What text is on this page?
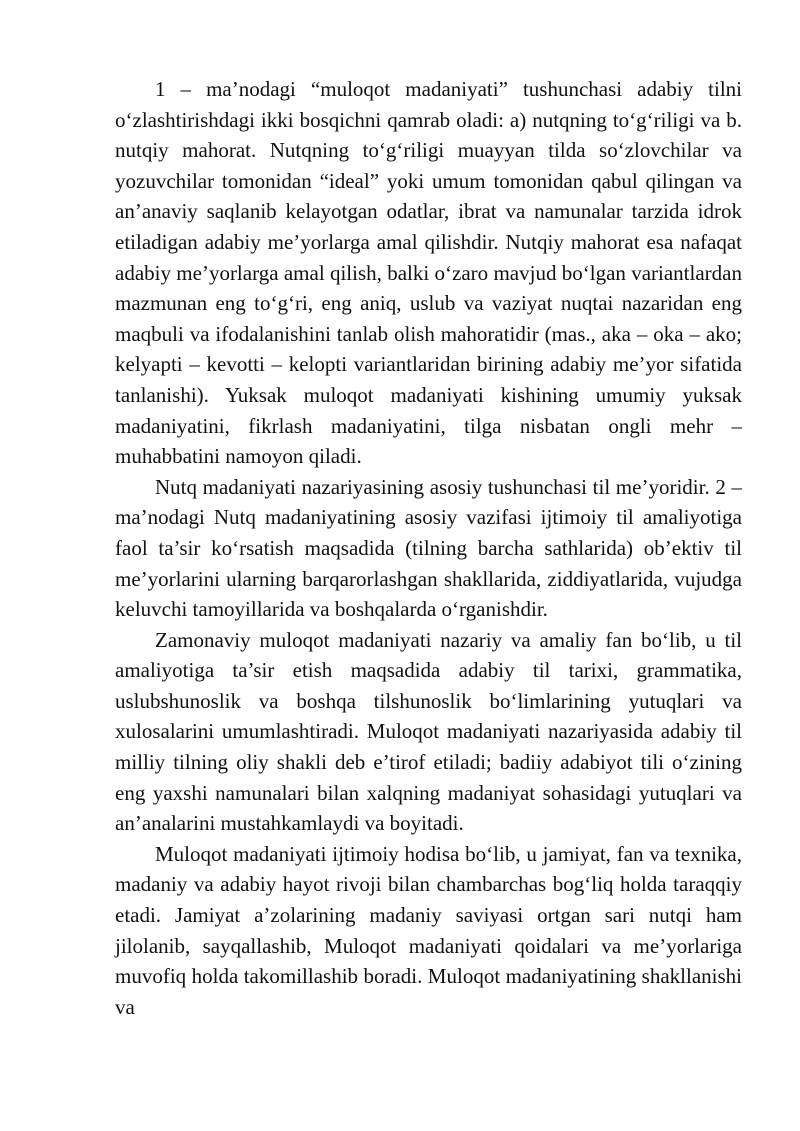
1 – ma’nodagi “muloqot madaniyati” tushunchasi adabiy tilni o‘zlashtirishdagi ikki bosqichni qamrab oladi: a) nutqning to‘g‘riligi va b. nutqiy mahorat. Nutqning to‘g‘riligi muayyan tilda so‘zlovchilar va yozuvchilar tomonidan “ideal” yoki umum tomonidan qabul qilingan va an’anaviy saqlanib kelayotgan odatlar, ibrat va namunalar tarzida idrok etiladigan adabiy me’yorlarga amal qilishdir. Nutqiy mahorat esa nafaqat adabiy me’yorlarga amal qilish, balki o‘zaro mavjud bo‘lgan variantlardan mazmunan eng to‘g‘ri, eng aniq, uslub va vaziyat nuqtai nazaridan eng maqbuli va ifodalanishini tanlab olish mahoratidir (mas., aka – oka – ako; kelyapti – kevotti – kelopti variantlaridan birining adabiy me’yor sifatida tanlanishi). Yuksak muloqot madaniyati kishining umumiy yuksak madaniyatini, fikrlash madaniyatini, tilga nisbatan ongli mehr – muhabbatini namoyon qiladi.

Nutq madaniyati nazariyasining asosiy tushunchasi til me’yoridir. 2 – ma’nodagi Nutq madaniyatining asosiy vazifasi ijtimoiy til amaliyotiga faol ta’sir ko‘rsatish maqsadida (tilning barcha sathlarida) ob’ektiv til me’yorlarini ularning barqarorlashgan shakllarida, ziddiyatlarida, vujudga keluvchi tamoyillarida va boshqalarda o‘rganishdir.

Zamonaviy muloqot madaniyati nazariy va amaliy fan bo‘lib, u til amaliyotiga ta’sir etish maqsadida adabiy til tarixi, grammatika, uslubshunoslik va boshqa tilshunoslik bo‘limlarining yutuqlari va xulosalarini umumlashtiradi. Muloqot madaniyati nazariyasida adabiy til milliy tilning oliy shakli deb e’tirof etiladi; badiiy adabiyot tili o‘zining eng yaxshi namunalari bilan xalqning madaniyat sohasidagi yutuqlari va an’analarini mustahkamlaydi va boyitadi.

Muloqot madaniyati ijtimoiy hodisa bo‘lib, u jamiyat, fan va texnika, madaniy va adabiy hayot rivoji bilan chambarchas bog‘liq holda taraqqiy etadi. Jamiyat a’zolarining madaniy saviyasi ortgan sari nutqi ham jilolanib, sayqallashib, Muloqot madaniyati qoidalari va me’yorlariga muvofiq holda takomillashib boradi. Muloqot madaniyatining shakllanishi va
